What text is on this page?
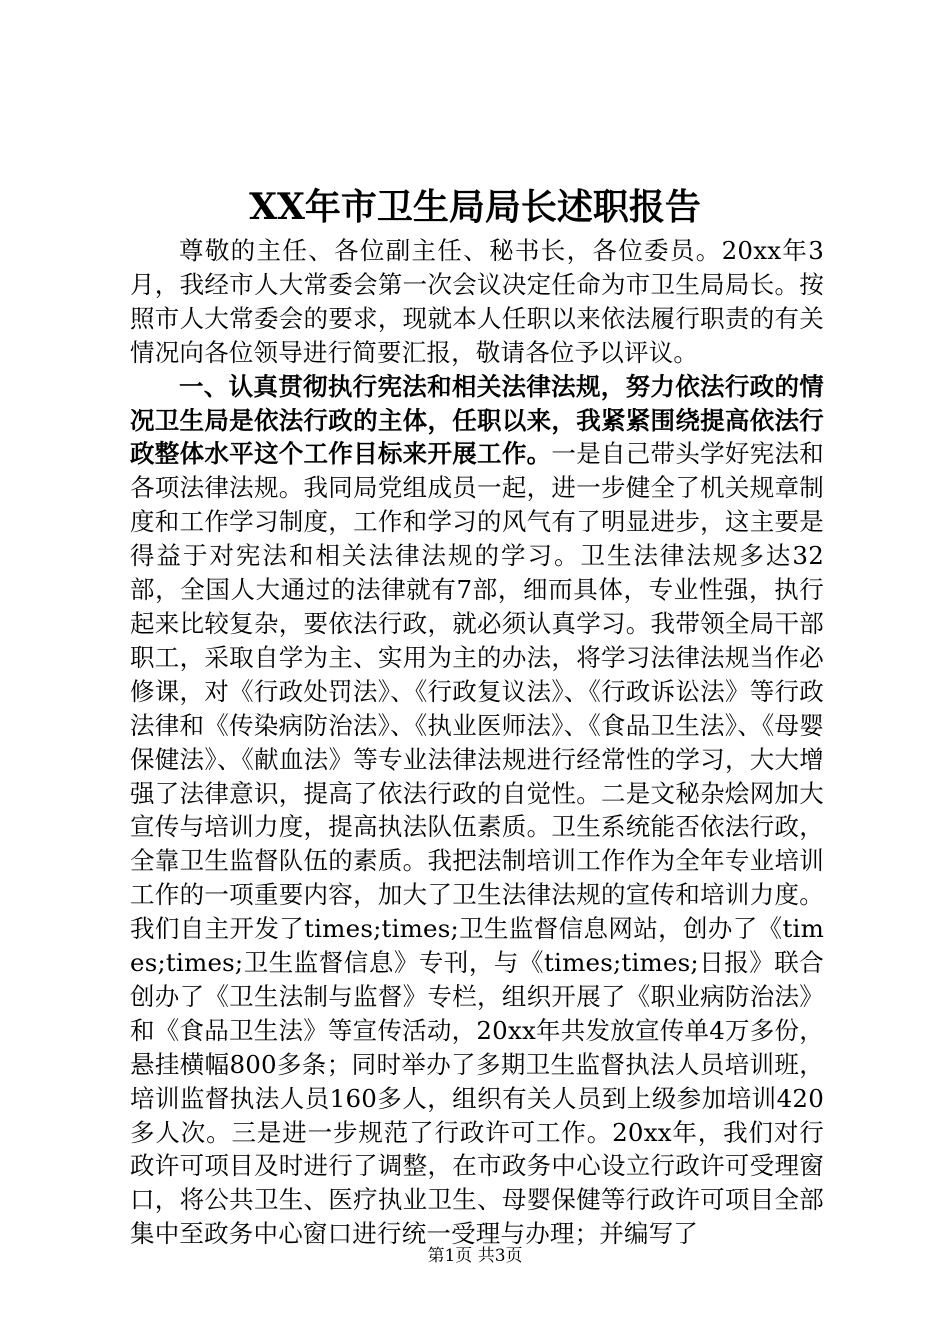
XX年市卫生局局长述职报告

尊敬的主任、各位副主任、秘书长，各位委员。20xx年3月，我经市人大常委会第一次会议决定任命为市卫生局局长。按照市人大常委会的要求，现就本人任职以来依法履行职责的有关情况向各位领导进行简要汇报，敬请各位予以评议。

一、认真贯彻执行宪法和相关法律法规，努力依法行政的情况卫生局是依法行政的主体，任职以来，我紧紧围绕提高依法行政整体水平这个工作目标来开展工作。一是自己带头学好宪法和各项法律法规。我同局党组成员一起，进一步健全了机关规章制度和工作学习制度，工作和学习的风气有了明显进步，这主要是得益于对宪法和相关法律法规的学习。卫生法律法规多达32部，全国人大通过的法律就有7部，细而具体，专业性强，执行起来比较复杂，要依法行政，就必须认真学习。我带领全局干部职工，采取自学为主、实用为主的办法，将学习法律法规当作必修课，对《行政处罚法》、《行政复议法》、《行政诉讼法》等行政法律和《传染病防治法》、《执业医师法》、《食品卫生法》、《母婴保健法》、《献血法》等专业法律法规进行经常性的学习，大大增强了法律意识，提高了依法行政的自觉性。二是文秘杂烩网加大宣传与培训力度，提高执法队伍素质。卫生系统能否依法行政，全靠卫生监督队伍的素质。我把法制培训工作作为全年专业培训工作的一项重要内容，加大了卫生法律法规的宣传和培训力度。我们自主开发了times;times;卫生监督信息网站，创办了《times;times;卫生监督信息》专刊，与《times;times;日报》联合创办了《卫生法制与监督》专栏，组织开展了《职业病防治法》和《食品卫生法》等宣传活动，20xx年共发放宣传单4万多份，悬挂横幅800多条；同时举办了多期卫生监督执法人员培训班，培训监督执法人员160多人，组织有关人员到上级参加培训420多人次。三是进一步规范了行政许可工作。20xx年，我们对行政许可项目及时进行了调整，在市政务中心设立行政许可受理窗口，将公共卫生、医疗执业卫生、母婴保健等行政许可项目全部集中至政务中心窗口进行统一受理与办理；并编写了

第1页 共3页
